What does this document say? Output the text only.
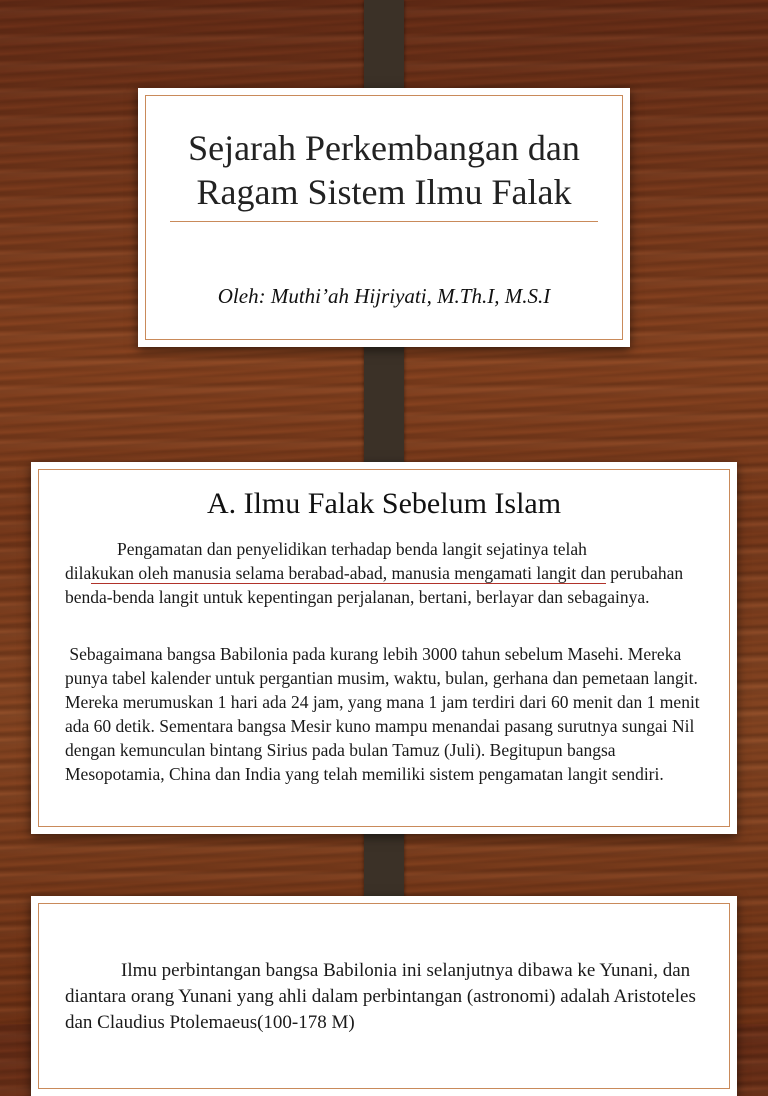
Sejarah Perkembangan dan
Ragam Sistem Ilmu Falak
Oleh: Muthi’ah Hijriyati, M.Th.I, M.S.I
A. Ilmu Falak Sebelum Islam
Pengamatan dan penyelidikan terhadap benda langit sejatinya telah
dilakukan oleh manusia selama berabad-abad, manusia mengamati langit dan perubahan benda-benda langit untuk kepentingan perjalanan, bertani, berlayar dan sebagainya.
Sebagaimana bangsa Babilonia pada kurang lebih 3000 tahun sebelum Masehi. Mereka punya tabel kalender untuk pergantian musim, waktu, bulan, gerhana dan pemetaan langit. Mereka merumuskan 1 hari ada 24 jam, yang mana 1 jam terdiri dari 60 menit dan 1 menit ada 60 detik. Sementara bangsa Mesir kuno mampu menandai pasang surutnya sungai Nil dengan kemunculan bintang Sirius pada bulan Tamuz (Juli). Begitupun bangsa Mesopotamia, China dan India yang telah memiliki sistem pengamatan langit sendiri.
Ilmu perbintangan bangsa Babilonia ini selanjutnya dibawa ke Yunani, dan diantara orang Yunani yang ahli dalam perbintangan (astronomi) adalah Aristoteles dan Claudius Ptolemaeus(100-178 M)
